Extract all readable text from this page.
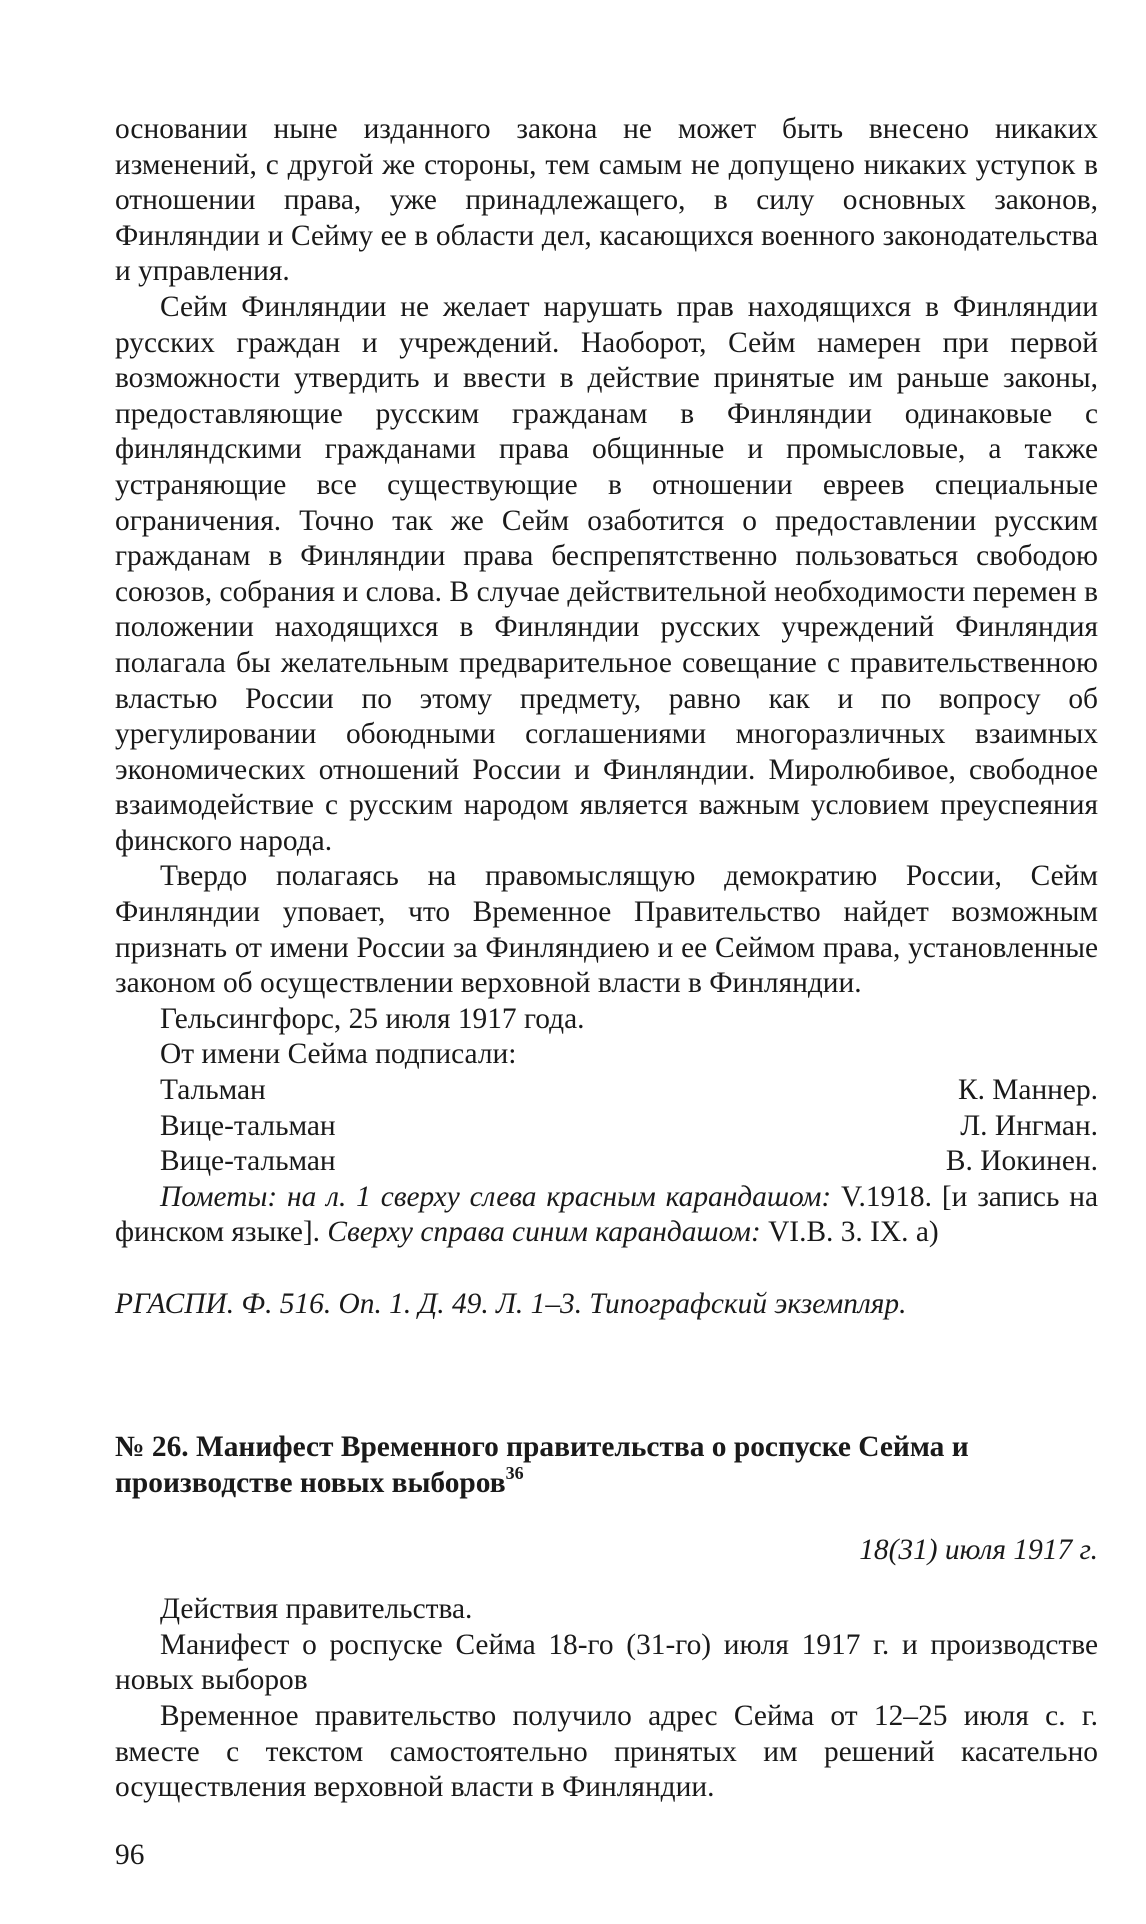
основании ныне изданного закона не может быть внесено никаких изменений, с другой же стороны, тем самым не допущено никаких уступок в отношении права, уже принадлежащего, в силу основных законов, Финляндии и Сейму ее в области дел, касающихся военного законодательства и управления.

Сейм Финляндии не желает нарушать прав находящихся в Финляндии русских граждан и учреждений. Наоборот, Сейм намерен при первой возможности утвердить и ввести в действие принятые им раньше законы, предоставляющие русским гражданам в Финляндии одинаковые с финляндскими гражданами права общинные и промысловые, а также устраняющие все существующие в отношении евреев специальные ограничения. Точно так же Сейм озаботится о предоставлении русским гражданам в Финляндии права беспрепятственно пользоваться свободою союзов, собрания и слова. В случае действительной необходимости перемен в положении находящихся в Финляндии русских учреждений Финляндия полагала бы желательным предварительное совещание с правительственною властью России по этому предмету, равно как и по вопросу об урегулировании обоюдными соглашениями многоразличных взаимных экономических отношений России и Финляндии. Миролюбивое, свободное взаимодействие с русским народом является важным условием преуспеяния финского народа.

Твердо полагаясь на правомыслящую демократию России, Сейм Финляндии уповает, что Временное Правительство найдет возможным признать от имени России за Финляндиею и ее Сеймом права, установленные законом об осуществлении верховной власти в Финляндии.

Гельсингфорс, 25 июля 1917 года.

От имени Сейма подписали:

Тальман	К. Маннер.
Вице-тальман	Л. Ингман.
Вице-тальман	В. Иокинен.

Пометы: на л. 1 сверху слева красным карандашом: V.1918. [и запись на финском языке]. Сверху справа синим карандашом: VI.B. 3. IX. а)

РГАСПИ. Ф. 516. Оп. 1. Д. 49. Л. 1–3. Типографский экземпляр.

№ 26. Манифест Временного правительства о роспуске Сейма и производстве новых выборов$^{36}$

18(31) июля 1917 г.

Действия правительства.

Манифест о роспуске Сейма 18-го (31-го) июля 1917 г. и производстве новых выборов

Временное правительство получило адрес Сейма от 12–25 июля с. г. вместе с текстом самостоятельно принятых им решений касательно осуществления верховной власти в Финляндии.

96
